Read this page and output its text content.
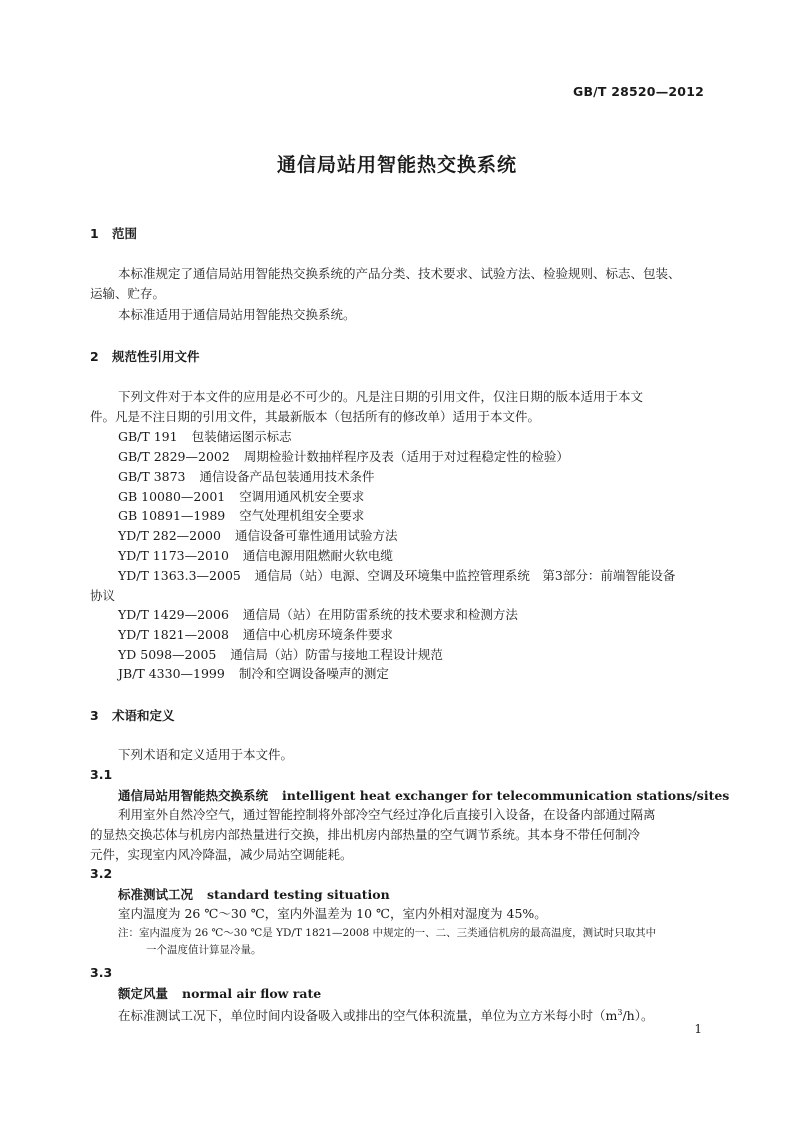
GB/T 28520—2012
通信局站用智能热交换系统
1 范围
本标准规定了通信局站用智能热交换系统的产品分类、技术要求、试验方法、检验规则、标志、包装、
运输、贮存。
本标准适用于通信局站用智能热交换系统。
2 规范性引用文件
下列文件对于本文件的应用是必不可少的。凡是注日期的引用文件，仅注日期的版本适用于本文
件。凡是不注日期的引用文件，其最新版本（包括所有的修改单）适用于本文件。
GB/T 191 包装储运图示标志
GB/T 2829—2002 周期检验计数抽样程序及表（适用于对过程稳定性的检验）
GB/T 3873 通信设备产品包装通用技术条件
GB 10080—2001 空调用通风机安全要求
GB 10891—1989 空气处理机组安全要求
YD/T 282—2000 通信设备可靠性通用试验方法
YD/T 1173—2010 通信电源用阻燃耐火软电缆
YD/T 1363.3—2005 通信局（站）电源、空调及环境集中监控管理系统　第3部分：前端智能设备
协议
YD/T 1429—2006 通信局（站）在用防雷系统的技术要求和检测方法
YD/T 1821—2008 通信中心机房环境条件要求
YD 5098—2005 通信局（站）防雷与接地工程设计规范
JB/T 4330—1999 制冷和空调设备噪声的测定
3 术语和定义
下列术语和定义适用于本文件。
3.1
通信局站用智能热交换系统 intelligent heat exchanger for telecommunication stations/sites
利用室外自然冷空气，通过智能控制将外部冷空气经过净化后直接引入设备，在设备内部通过隔离
的显热交换芯体与机房内部热量进行交换，排出机房内部热量的空气调节系统。其本身不带任何制冷
元件，实现室内风冷降温，减少局站空调能耗。
3.2
标准测试工况 standard testing situation
室内温度为 26 ℃～30 ℃，室内外温差为 10 ℃，室内外相对湿度为 45%。
注：室内温度为 26 ℃～30 ℃是 YD/T 1821—2008 中规定的一、二、三类通信机房的最高温度，测试时只取其中
一个温度值计算显冷量。
3.3
额定风量 normal air flow rate
在标准测试工况下，单位时间内设备吸入或排出的空气体积流量，单位为立方米每小时$(m^3/h)$。
1
